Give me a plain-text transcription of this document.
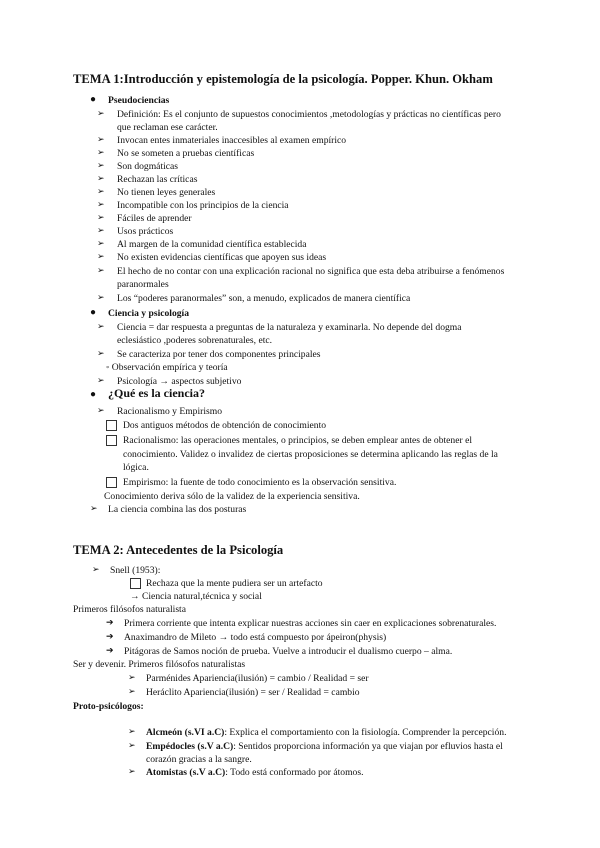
TEMA 1:Introducción y epistemología de la psicología. Popper. Khun. Okham
● Pseudociencias
➢ Definición: Es el conjunto de supuestos conocimientos ,metodologías y prácticas no científicas pero
que reclaman ese carácter.
➢ Invocan entes inmateriales inaccesibles al examen empírico
➢ No se someten a pruebas científicas
➢ Son dogmáticas
➢ Rechazan las críticas
➢ No tienen leyes generales
➢ Incompatible con los principios de la ciencia
➢ Fáciles de aprender
➢ Usos prácticos
➢ Al margen de la comunidad científica establecida
➢ No existen evidencias científicas que apoyen sus ideas
➢ El hecho de no contar con una explicación racional no significa que esta deba atribuirse a fenómenos
paranormales
➢ Los “poderes paranormales” son, a menudo, explicados de manera científica
● Ciencia y psicología
➢ Ciencia = dar respuesta a preguntas de la naturaleza y examinarla. No depende del dogma
eclesiástico ,poderes sobrenaturales, etc.
➢ Se caracteriza por tener dos componentes principales
◦ Observación empírica y teoría
➢ Psicología → aspectos subjetivo
● ¿Qué es la ciencia?
➢ Racionalismo y Empirismo
Dos antiguos métodos de obtención de conocimiento
Racionalismo: las operaciones mentales, o principios, se deben emplear antes de obtener el
conocimiento. Validez o invalidez de ciertas proposiciones se determina aplicando las reglas de la
lógica.
Empirismo: la fuente de todo conocimiento es la observación sensitiva.
Conocimiento deriva sólo de la validez de la experiencia sensitiva.
➢ La ciencia combina las dos posturas
TEMA 2: Antecedentes de la Psicología
➢ Snell (1953):
Rechaza que la mente pudiera ser un artefacto
→ Ciencia natural,técnica y social
Primeros filósofos naturalista
➔ Primera corriente que intenta explicar nuestras acciones sin caer en explicaciones sobrenaturales.
➔ Anaximandro de Mileto → todo está compuesto por ápeiron(physis)
➔ Pitágoras de Samos noción de prueba. Vuelve a introducir el dualismo cuerpo – alma.
Ser y devenir. Primeros filósofos naturalistas
➢ Parménides Apariencia(ilusión) = cambio / Realidad = ser
➢ Heráclito Apariencia(ilusión) = ser / Realidad = cambio
Proto-psicólogos:
➢ Alcmeón (s.VI a.C): Explica el comportamiento con la fisiología. Comprender la percepción.
➢ Empédocles (s.V a.C): Sentidos proporciona información ya que viajan por efluvios hasta el
corazón gracias a la sangre.
➢ Atomistas (s.V a.C): Todo está conformado por átomos.
